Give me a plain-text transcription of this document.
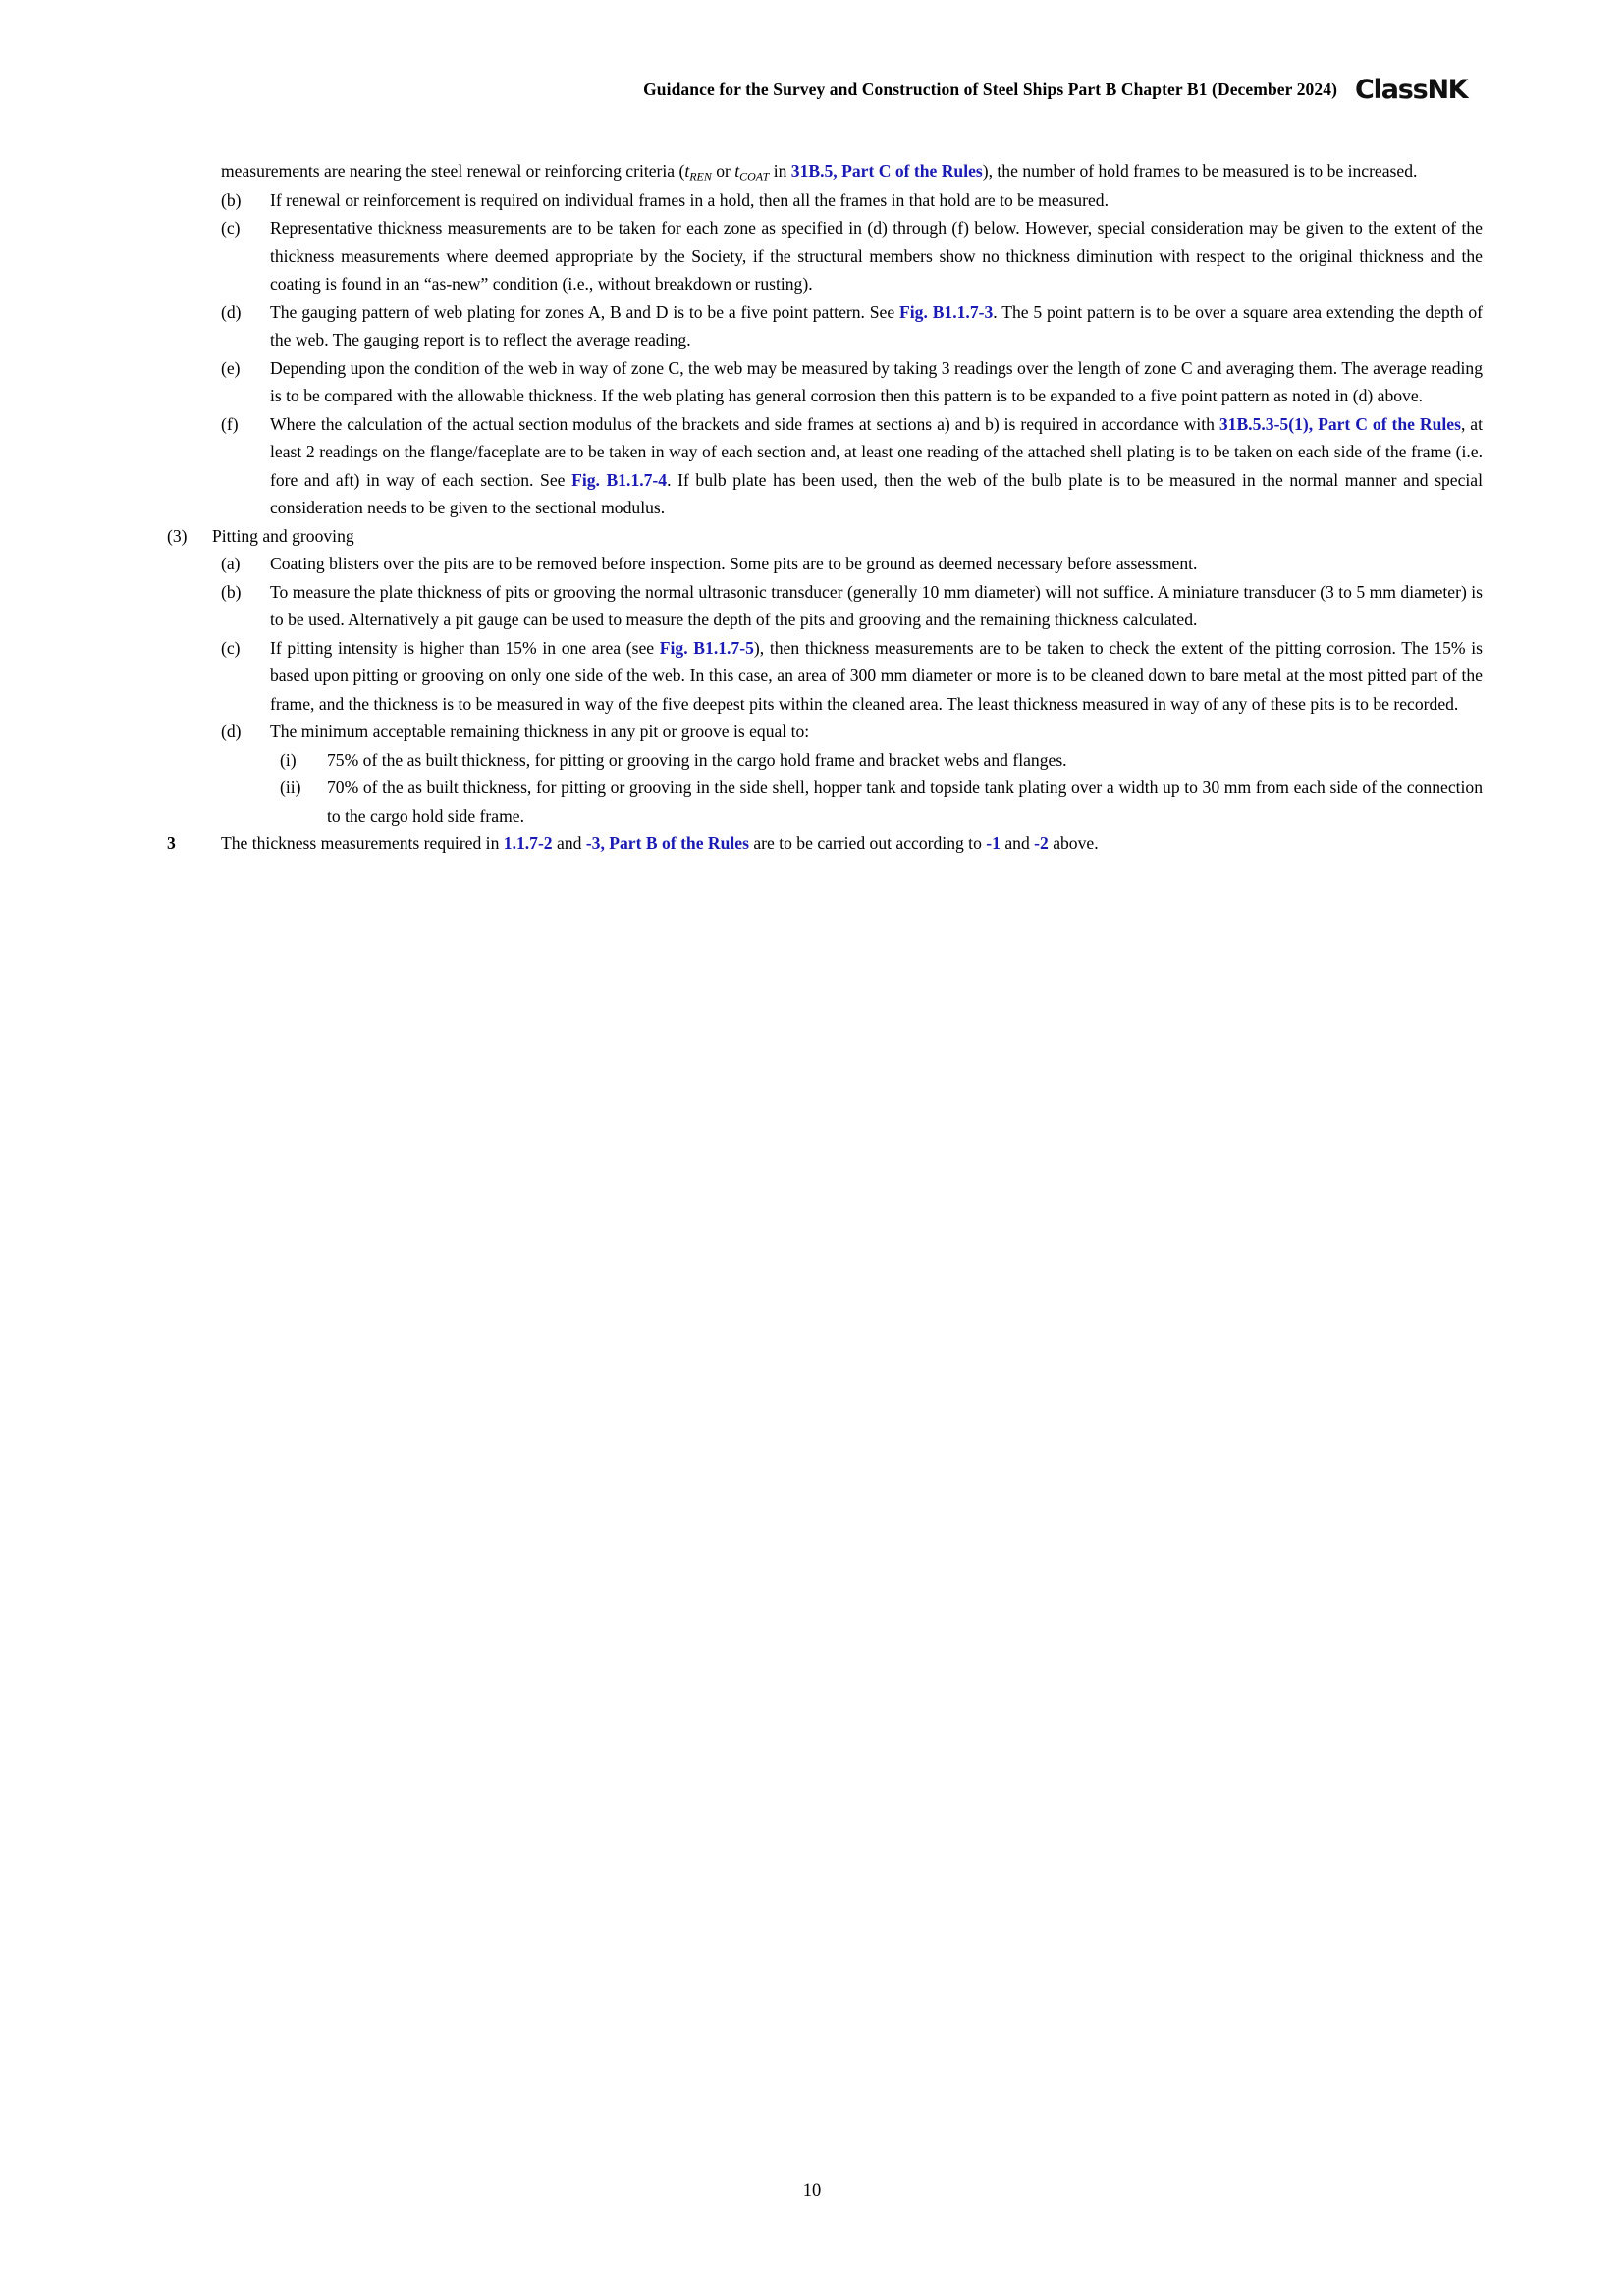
Guidance for the Survey and Construction of Steel Ships Part B Chapter B1 (December 2024) ClassNK
measurements are nearing the steel renewal or reinforcing criteria ($t_{REN}$ or $t_{COAT}$ in 31B.5, Part C of the Rules), the number of hold frames to be measured is to be increased.
(b)	If renewal or reinforcement is required on individual frames in a hold, then all the frames in that hold are to be measured.
(c)	Representative thickness measurements are to be taken for each zone as specified in (d) through (f) below. However, special consideration may be given to the extent of the thickness measurements where deemed appropriate by the Society, if the structural members show no thickness diminution with respect to the original thickness and the coating is found in an “as-new” condition (i.e., without breakdown or rusting).
(d)	The gauging pattern of web plating for zones A, B and D is to be a five point pattern. See Fig. B1.1.7-3. The 5 point pattern is to be over a square area extending the depth of the web. The gauging report is to reflect the average reading.
(e)	Depending upon the condition of the web in way of zone C, the web may be measured by taking 3 readings over the length of zone C and averaging them. The average reading is to be compared with the allowable thickness. If the web plating has general corrosion then this pattern is to be expanded to a five point pattern as noted in (d) above.
(f)	Where the calculation of the actual section modulus of the brackets and side frames at sections a) and b) is required in accordance with 31B.5.3-5(1), Part C of the Rules, at least 2 readings on the flange/faceplate are to be taken in way of each section and, at least one reading of the attached shell plating is to be taken on each side of the frame (i.e. fore and aft) in way of each section. See Fig. B1.1.7-4. If bulb plate has been used, then the web of the bulb plate is to be measured in the normal manner and special consideration needs to be given to the sectional modulus.
(3)	Pitting and grooving
(a)	Coating blisters over the pits are to be removed before inspection. Some pits are to be ground as deemed necessary before assessment.
(b)	To measure the plate thickness of pits or grooving the normal ultrasonic transducer (generally 10 mm diameter) will not suffice. A miniature transducer (3 to 5 mm diameter) is to be used. Alternatively a pit gauge can be used to measure the depth of the pits and grooving and the remaining thickness calculated.
(c)	If pitting intensity is higher than 15% in one area (see Fig. B1.1.7-5), then thickness measurements are to be taken to check the extent of the pitting corrosion. The 15% is based upon pitting or grooving on only one side of the web. In this case, an area of 300 mm diameter or more is to be cleaned down to bare metal at the most pitted part of the frame, and the thickness is to be measured in way of the five deepest pits within the cleaned area. The least thickness measured in way of any of these pits is to be recorded.
(d)	The minimum acceptable remaining thickness in any pit or groove is equal to:
(i)	75% of the as built thickness, for pitting or grooving in the cargo hold frame and bracket webs and flanges.
(ii)	70% of the as built thickness, for pitting or grooving in the side shell, hopper tank and topside tank plating over a width up to 30 mm from each side of the connection to the cargo hold side frame.
3	The thickness measurements required in 1.1.7-2 and -3, Part B of the Rules are to be carried out according to -1 and -2 above.
10
